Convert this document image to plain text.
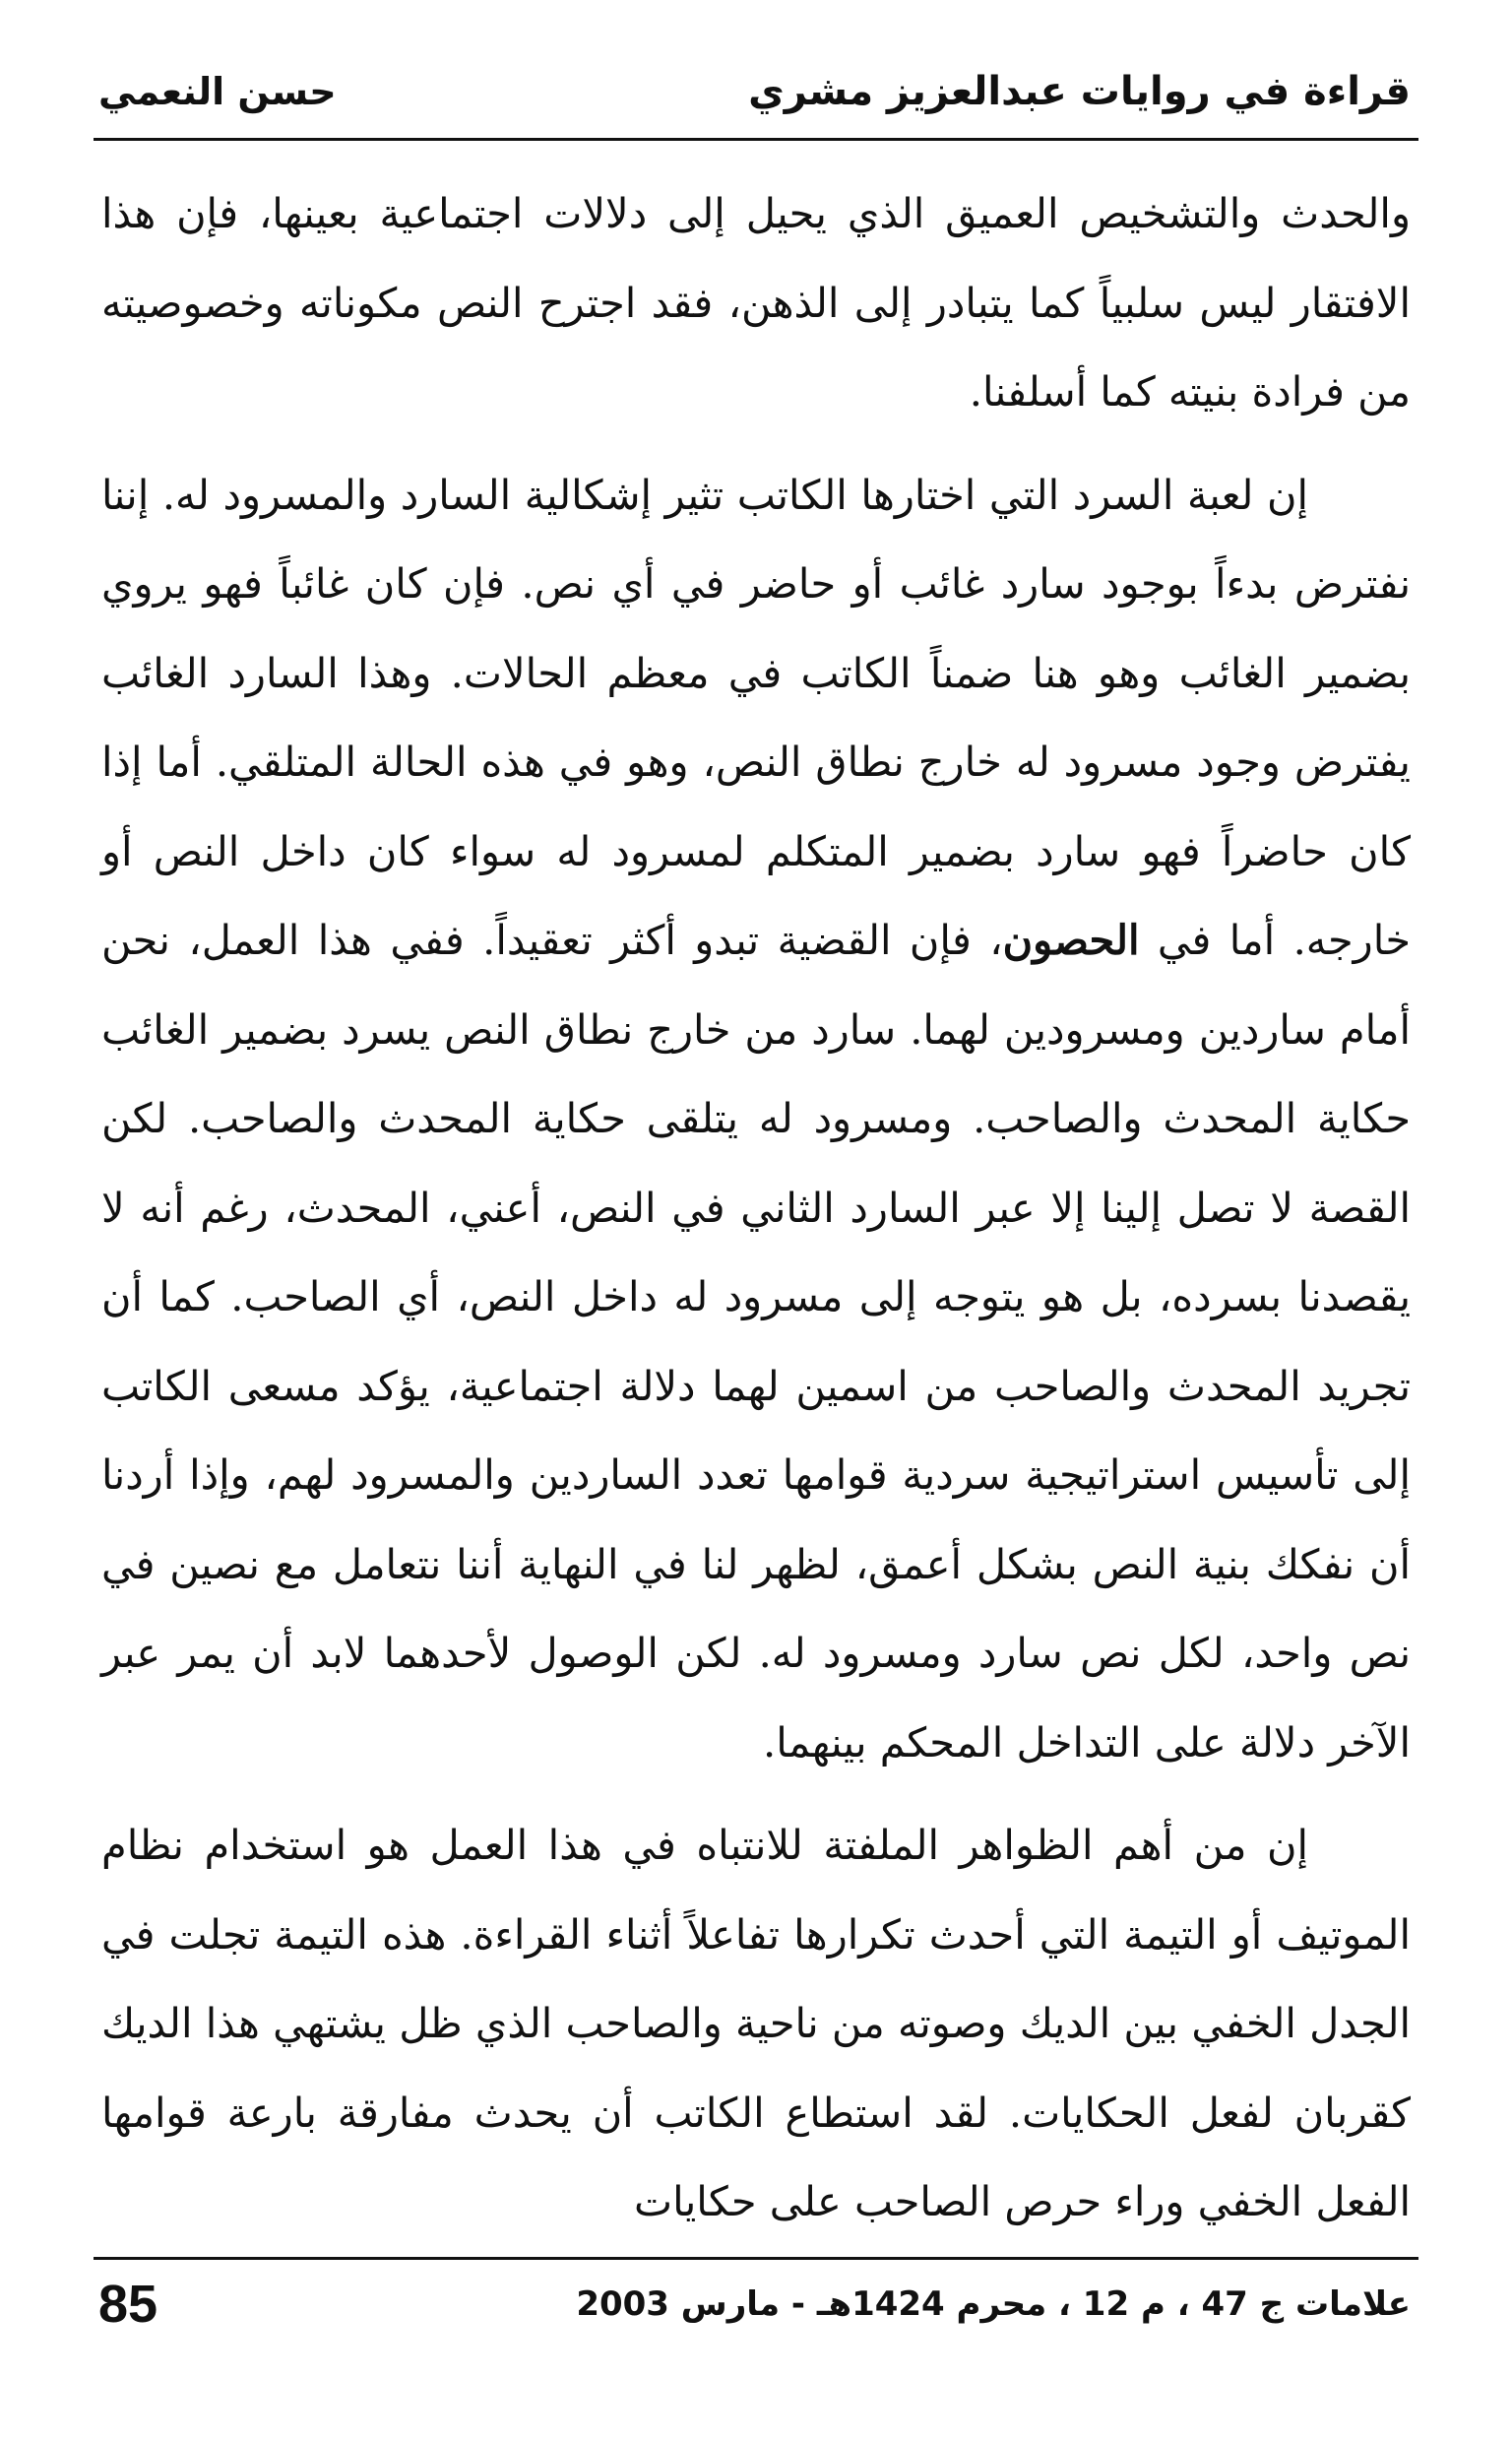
قراءة في روايات عبدالعزيز مشري
حسن النعمي

والحدث والتشخيص العميق الذي يحيل إلى دلالات اجتماعية بعينها، فإن هذا الافتقار ليس سلبياً كما يتبادر إلى الذهن، فقد اجترح النص مكوناته وخصوصيته من فرادة بنيته كما أسلفنا.

إن لعبة السرد التي اختارها الكاتب تثير إشكالية السارد والمسرود له. إننا نفترض بدءاً بوجود سارد غائب أو حاضر في أي نص. فإن كان غائباً فهو يروي بضمير الغائب وهو هنا ضمناً الكاتب في معظم الحالات. وهذا السارد الغائب يفترض وجود مسرود له خارج نطاق النص، وهو في هذه الحالة المتلقي. أما إذا كان حاضراً فهو سارد بضمير المتكلم لمسرود له سواء كان داخل النص أو خارجه. أما في الحصون، فإن القضية تبدو أكثر تعقيداً. ففي هذا العمل، نحن أمام ساردين ومسرودين لهما. سارد من خارج نطاق النص يسرد بضمير الغائب حكاية المحدث والصاحب. ومسرود له يتلقى حكاية المحدث والصاحب. لكن القصة لا تصل إلينا إلا عبر السارد الثاني في النص، أعني، المحدث، رغم أنه لا يقصدنا بسرده، بل هو يتوجه إلى مسرود له داخل النص، أي الصاحب. كما أن تجريد المحدث والصاحب من اسمين لهما دلالة اجتماعية، يؤكد مسعى الكاتب إلى تأسيس استراتيجية سردية قوامها تعدد الساردين والمسرود لهم، وإذا أردنا أن نفكك بنية النص بشكل أعمق، لظهر لنا في النهاية أننا نتعامل مع نصين في نص واحد، لكل نص سارد ومسرود له. لكن الوصول لأحدهما لابد أن يمر عبر الآخر دلالة على التداخل المحكم بينهما.

إن من أهم الظواهر الملفتة للانتباه في هذا العمل هو استخدام نظام الموتيف أو التيمة التي أحدث تكرارها تفاعلاً أثناء القراءة. هذه التيمة تجلت في الجدل الخفي بين الديك وصوته من ناحية والصاحب الذي ظل يشتهي هذا الديك كقربان لفعل الحكايات. لقد استطاع الكاتب أن يحدث مفارقة بارعة قوامها الفعل الخفي وراء حرص الصاحب على حكايات

علامات ج 47 ، م 12 ، محرم 1424هـ - مارس 2003
85
